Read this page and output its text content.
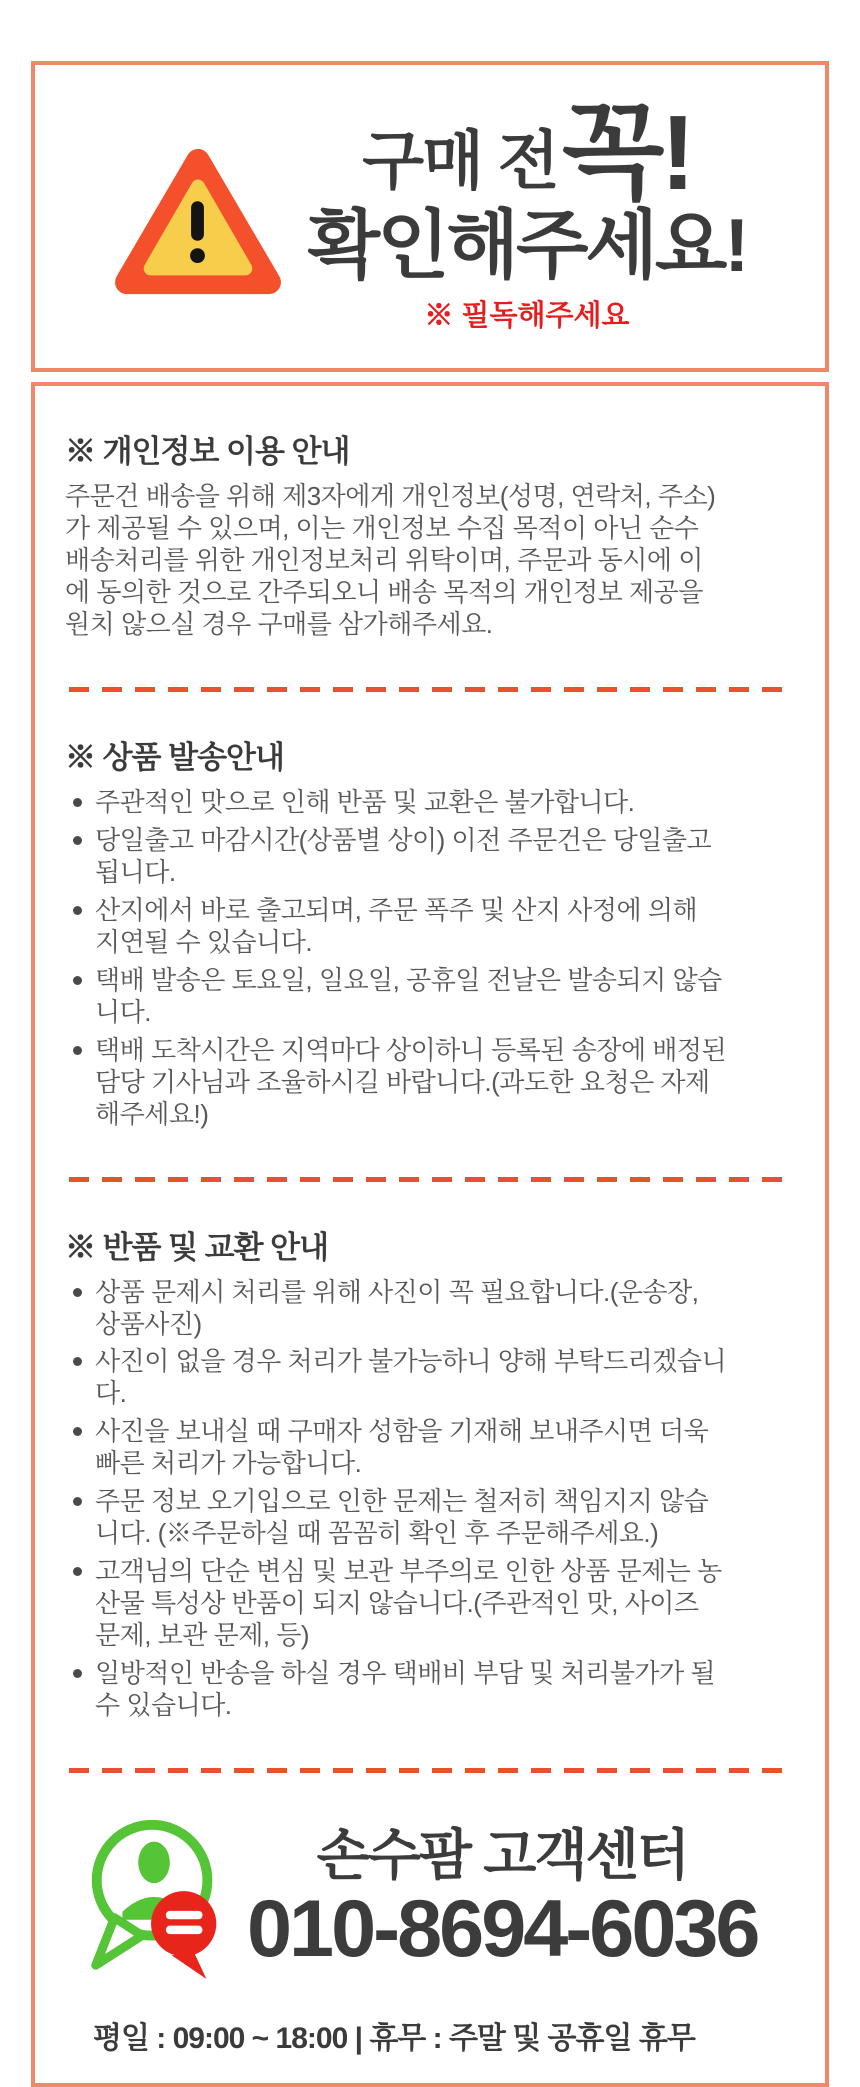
구매 전 꼭!
확인해주세요!
※ 필독해주세요
※ 개인정보 이용 안내

주문건 배송을 위해 제3자에게 개인정보(성명, 연락처, 주소)가 제공될 수 있으며, 이는 개인정보 수집 목적이 아닌 순수 배송처리를 위한 개인정보처리 위탁이며, 주문과 동시에 이에 동의한 것으로 간주되오니 배송 목적의 개인정보 제공을 원치 않으실 경우 구매를 삼가해주세요.

※ 상품 발송안내
주관적인 맛으로 인해 반품 및 교환은 불가합니다.
당일출고 마감시간(상품별 상이) 이전 주문건은 당일출고됩니다.
산지에서 바로 출고되며, 주문 폭주 및 산지 사정에 의해 지연될 수 있습니다.
택배 발송은 토요일, 일요일, 공휴일 전날은 발송되지 않습니다.
택배 도착시간은 지역마다 상이하니 등록된 송장에 배정된 담당 기사님과 조율하시길 바랍니다.(과도한 요청은 자제해주세요!)
※ 반품 및 교환 안내
상품 문제시 처리를 위해 사진이 꼭 필요합니다.(운송장, 상품사진)
사진이 없을 경우 처리가 불가능하니 양해 부탁드리겠습니다.
사진을 보내실 때 구매자 성함을 기재해 보내주시면 더욱 빠른 처리가 가능합니다.
주문 정보 오기입으로 인한 문제는 철저히 책임지지 않습니다. (※주문하실 때 꼼꼼히 확인 후 주문해주세요.)
고객님의 단순 변심 및 보관 부주의로 인한 상품 문제는 농산물 특성상 반품이 되지 않습니다.(주관적인 맛, 사이즈 문제, 보관 문제, 등)
일방적인 반송을 하실 경우 택배비 부담 및 처리불가가 될 수 있습니다.
손수팜 고객센터
010-8694-6036
평일 : 09:00 ~ 18:00 | 휴무 : 주말 및 공휴일 휴무
